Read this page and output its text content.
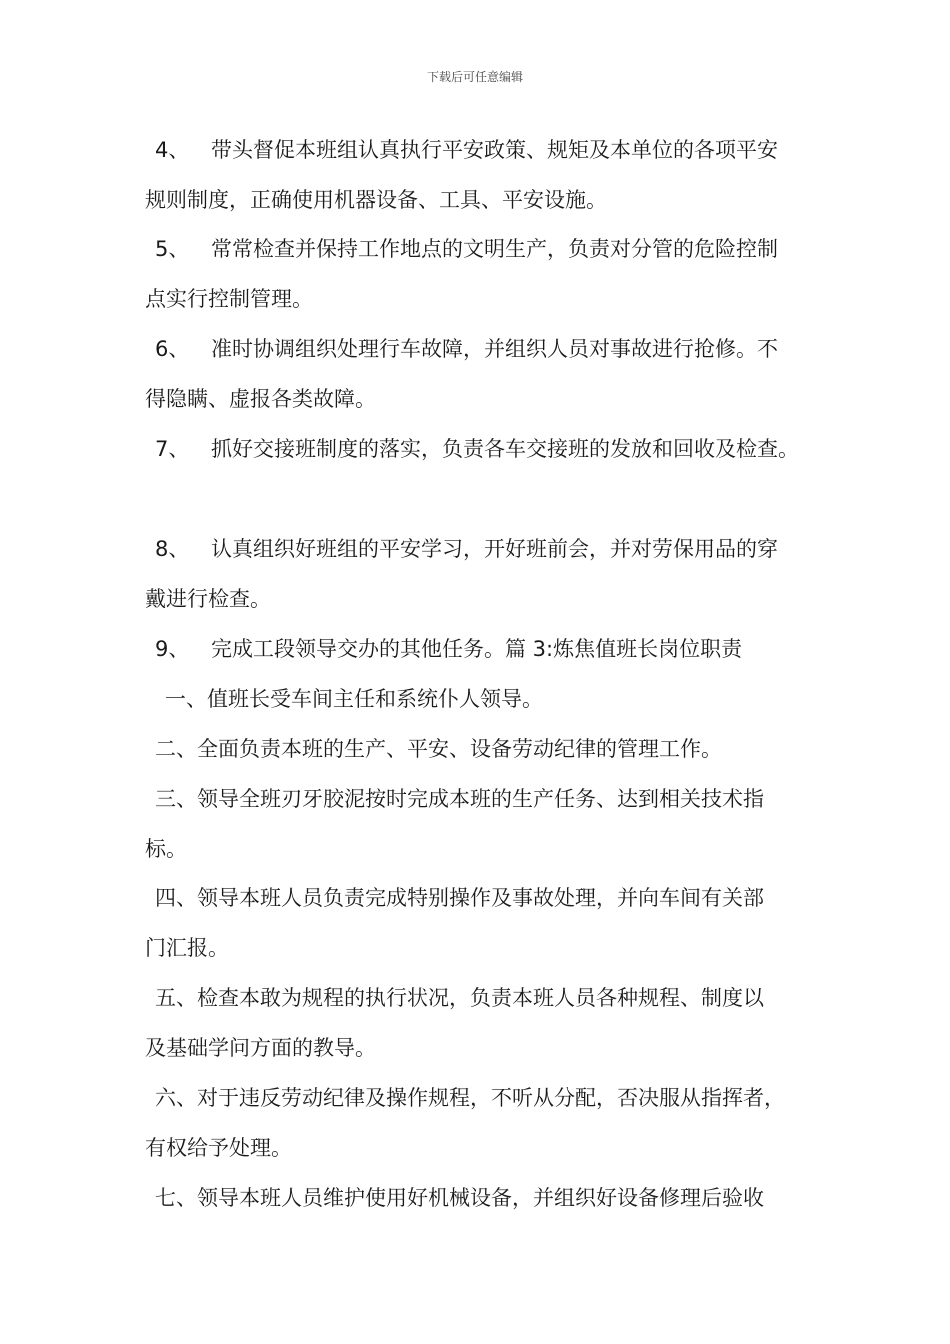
下载后可任意编辑
4、 带头督促本班组认真执行平安政策、规矩及本单位的各项平安
规则制度，正确使用机器设备、工具、平安设施。
5、 常常检查并保持工作地点的文明生产，负责对分管的危险控制
点实行控制管理。
6、 准时协调组织处理行车故障，并组织人员对事故进行抢修。不
得隐瞒、虚报各类故障。
7、 抓好交接班制度的落实，负责各车交接班的发放和回收及检查。
8、 认真组织好班组的平安学习，开好班前会，并对劳保用品的穿
戴进行检查。
9、 完成工段领导交办的其他任务。篇 3:炼焦值班长岗位职责
一、值班长受车间主任和系统仆人领导。
二、全面负责本班的生产、平安、设备劳动纪律的管理工作。
三、领导全班刃牙胶泥按时完成本班的生产任务、达到相关技术指
标。
四、领导本班人员负责完成特别操作及事故处理，并向车间有关部
门汇报。
五、检查本敢为规程的执行状况，负责本班人员各种规程、制度以
及基础学问方面的教导。
六、对于违反劳动纪律及操作规程，不听从分配，否决服从指挥者，
有权给予处理。
七、领导本班人员维护使用好机械设备，并组织好设备修理后验收
